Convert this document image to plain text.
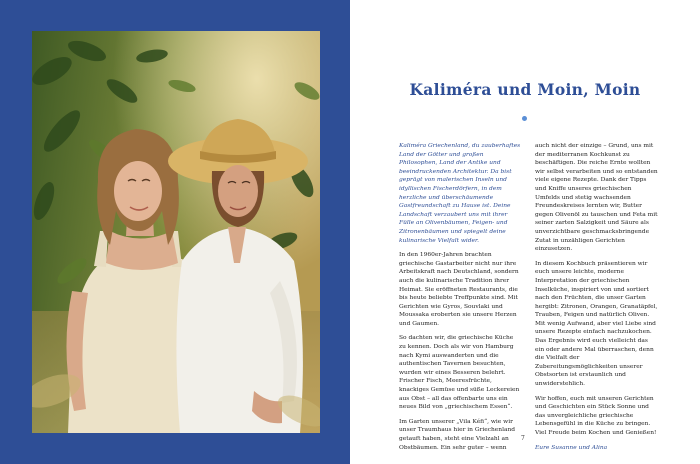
Kaliméra und Moin, Moin

Kaliméra Griechenland, du zauberhaftes Land der Götter und großen Philosophen, Land der Antike und beeindruckenden Architektur. Da bist geprägt von malerischen Inseln und idyllischen Fischerdörfern, in dem herzliche und überschäumende Gastfreundschaft zu Hause ist. Deine Landschaft verzaubert uns mit ihrer Fülle an Olivenbäumen, Feigen- und Zitronenbäumen und spiegelt deine kulinarische Vielfalt wider.

In den 1960er-Jahren brachten griechische Gastarbeiter nicht nur ihre Arbeitskraft nach Deutschland, sondern auch die kulinarische Tradition ihrer Heimat. Sie eröffneten Restaurants, die bis heute beliebte Treffpunkte sind. Mit Gerichten wie Gyros, Souvlaki und Moussaka eroberten sie unsere Herzen und Gaumen.

So dachten wir, die griechische Küche zu kennen. Doch als wir von Hamburg nach Kymi auswanderten und die authentischen Tavernen besuchten, wurden wir eines Besseren belehrt. Frischer Fisch, Meeresfrüchte, knackiges Gemüse und süße Leckereien aus Obst – all das offenbarte uns ein neues Bild von „griechischem Essen“.

Im Garten unserer „Vila Kéfi“, wie wir unser Traumhaus hier in Griechenland getauft haben, steht eine Vielzahl an Obstbäumen. Ein sehr guter – wenn

auch nicht der einzige – Grund, uns mit der mediterranen Kochkunst zu beschäftigen. Die reiche Ernte wollten wir selbst verarbeiten und so entstanden viele eigene Rezepte. Dank der Tipps und Kniffe unseres griechischen Umfelds und stetig wachsenden Freundeskreises lernten wir, Butter gegen Olivenöl zu tauschen und Feta mit seiner zarten Salzigkeit und Säure als unverzichtbare geschmacksbringende Zutat in unzähligen Gerichten einzusetzen.

In diesem Kochbuch präsentieren wir euch unsere leichte, moderne Interpretation der griechischen Inselküche, inspiriert von und sortiert nach den Früchten, die unser Garten hergibt: Zitronen, Orangen, Granatäpfel, Trauben, Feigen und natürlich Oliven. Mit wenig Aufwand, aber viel Liebe sind unsere Rezepte einfach nachzukochen. Das Ergebnis wird euch vielleicht das ein oder andere Mal überraschen, denn die Vielfalt der Zubereitungsmöglichkeiten unserer Obstsorten ist erstaunlich und unwiderstehlich.

Wir hoffen, euch mit unseren Gerichten und Geschichten ein Stück Sonne und das unvergleichliche griechische Lebensgefühl in die Küche zu bringen. Viel Freude beim Kochen und Genießen!

Eure Susanne und Alina

7
